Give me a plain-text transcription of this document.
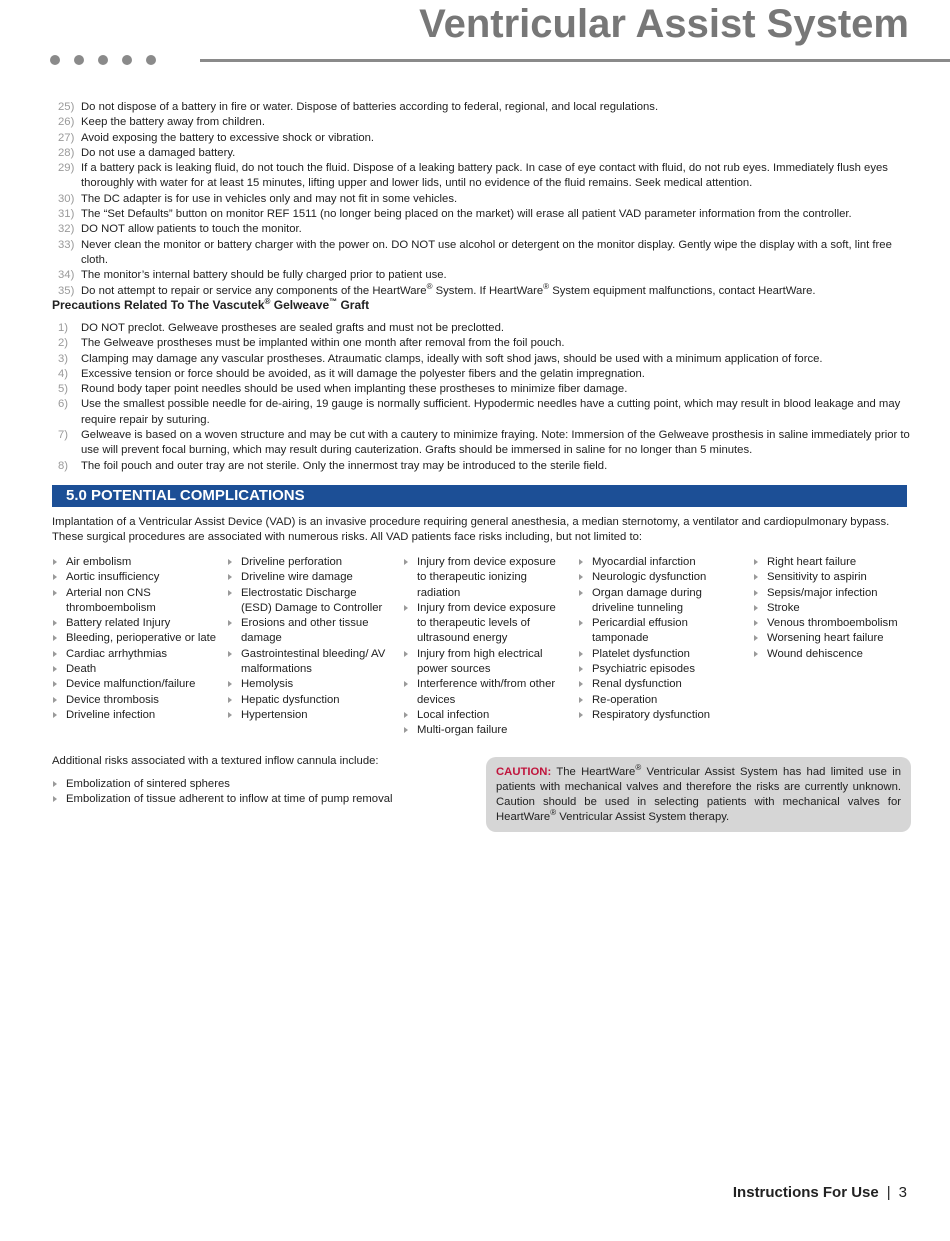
Ventricular Assist System
25) Do not dispose of a battery in fire or water. Dispose of batteries according to federal, regional, and local regulations.
26) Keep the battery away from children.
27) Avoid exposing the battery to excessive shock or vibration.
28) Do not use a damaged battery.
29) If a battery pack is leaking fluid, do not touch the fluid. Dispose of a leaking battery pack. In case of eye contact with fluid, do not rub eyes. Immediately flush eyes thoroughly with water for at least 15 minutes, lifting upper and lower lids, until no evidence of the fluid remains. Seek medical attention.
30) The DC adapter is for use in vehicles only and may not fit in some vehicles.
31) The “Set Defaults” button on monitor REF 1511 (no longer being placed on the market) will erase all patient VAD parameter information from the controller.
32) DO NOT allow patients to touch the monitor.
33) Never clean the monitor or battery charger with the power on. DO NOT use alcohol or detergent on the monitor display. Gently wipe the display with a soft, lint free cloth.
34) The monitor’s internal battery should be fully charged prior to patient use.
35) Do not attempt to repair or service any components of the HeartWare® System. If HeartWare® System equipment malfunctions, contact HeartWare.
Precautions Related To The Vascutek® Gelweave™ Graft
1) DO NOT preclot. Gelweave prostheses are sealed grafts and must not be preclotted.
2) The Gelweave prostheses must be implanted within one month after removal from the foil pouch.
3) Clamping may damage any vascular prostheses. Atraumatic clamps, ideally with soft shod jaws, should be used with a minimum application of force.
4) Excessive tension or force should be avoided, as it will damage the polyester fibers and the gelatin impregnation.
5) Round body taper point needles should be used when implanting these prostheses to minimize fiber damage.
6) Use the smallest possible needle for de-airing, 19 gauge is normally sufficient. Hypodermic needles have a cutting point, which may result in blood leakage and may require repair by suturing.
7) Gelweave is based on a woven structure and may be cut with a cautery to minimize fraying. Note: Immersion of the Gelweave prosthesis in saline immediately prior to use will prevent focal burning, which may result during cauterization. Grafts should be immersed in saline for no longer than 5 minutes.
8) The foil pouch and outer tray are not sterile. Only the innermost tray may be introduced to the sterile field.
5.0 POTENTIAL COMPLICATIONS
Implantation of a Ventricular Assist Device (VAD) is an invasive procedure requiring general anesthesia, a median sternotomy, a ventilator and cardiopulmonary bypass. These surgical procedures are associated with numerous risks. All VAD patients face risks including, but not limited to:
Air embolism
Aortic insufficiency
Arterial non CNS thromboembolism
Battery related Injury
Bleeding, perioperative or late
Cardiac arrhythmias
Death
Device malfunction/failure
Device thrombosis
Driveline infection
Driveline perforation
Driveline wire damage
Electrostatic Discharge (ESD) Damage to Controller
Erosions and other tissue damage
Gastrointestinal bleeding/ AV malformations
Hemolysis
Hepatic dysfunction
Hypertension
Injury from device exposure to therapeutic ionizing radiation
Injury from device exposure to therapeutic levels of ultrasound energy
Injury from high electrical power sources
Interference with/from other devices
Local infection
Multi-organ failure
Myocardial infarction
Neurologic dysfunction
Organ damage during driveline tunneling
Pericardial effusion tamponade
Platelet dysfunction
Psychiatric episodes
Renal dysfunction
Re-operation
Respiratory dysfunction
Right heart failure
Sensitivity to aspirin
Sepsis/major infection
Stroke
Venous thromboembolism
Worsening heart failure
Wound dehiscence
Additional risks associated with a textured inflow cannula include:
Embolization of sintered spheres
Embolization of tissue adherent to inflow at time of pump removal
CAUTION: The HeartWare® Ventricular Assist System has had limited use in patients with mechanical valves and therefore the risks are currently unknown. Caution should be used in selecting patients with mechanical valves for HeartWare® Ventricular Assist System therapy.
Instructions For Use | 3
